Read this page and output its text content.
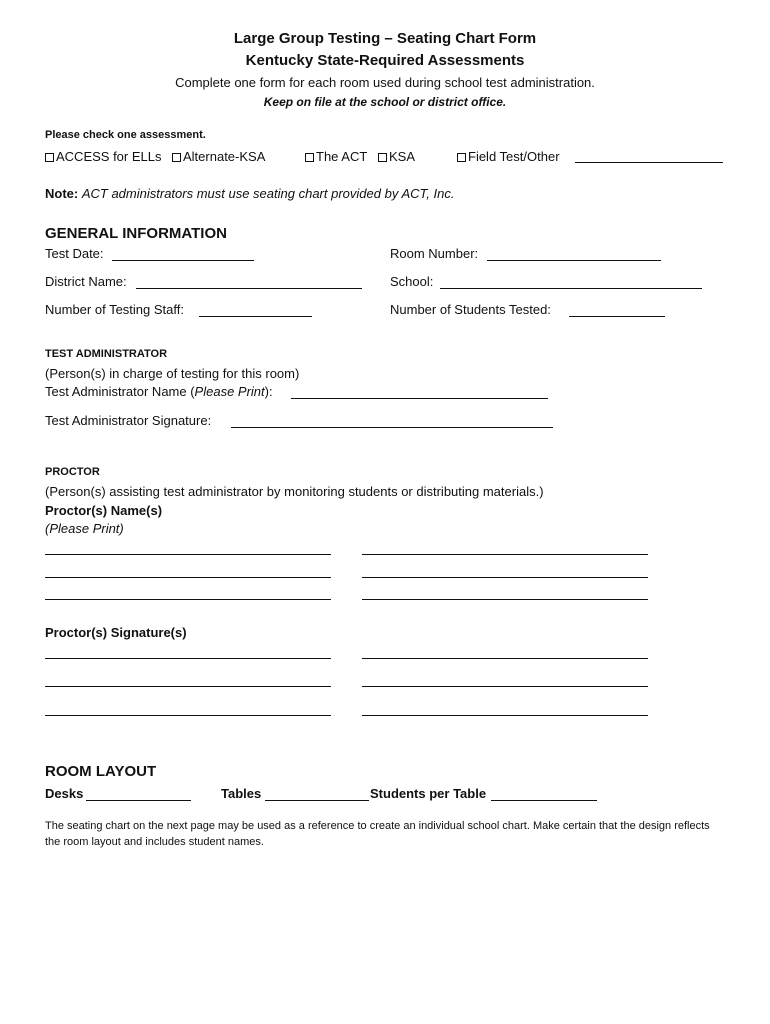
Large Group Testing – Seating Chart Form
Kentucky State-Required Assessments
Complete one form for each room used during school test administration.
Keep on file at the school or district office.
Please check one assessment.
ACCESS for ELLs	Alternate-KSA	The ACT	KSA	Field Test/Other
Note: ACT administrators must use seating chart provided by ACT, Inc.
GENERAL INFORMATION
Test Date:	Room Number:
District Name:	School:
Number of Testing Staff:	Number of Students Tested:
TEST ADMINISTRATOR
(Person(s) in charge of testing for this room)
Test Administrator Name (Please Print):
Test Administrator Signature:
PROCTOR
(Person(s) assisting test administrator by monitoring students or distributing materials.)
Proctor(s) Name(s)
(Please Print)
Proctor(s) Signature(s)
ROOM LAYOUT
Desks	Tables	Students per Table
The seating chart on the next page may be used as a reference to create an individual school chart. Make certain that the design reflects the room layout and includes student names.
